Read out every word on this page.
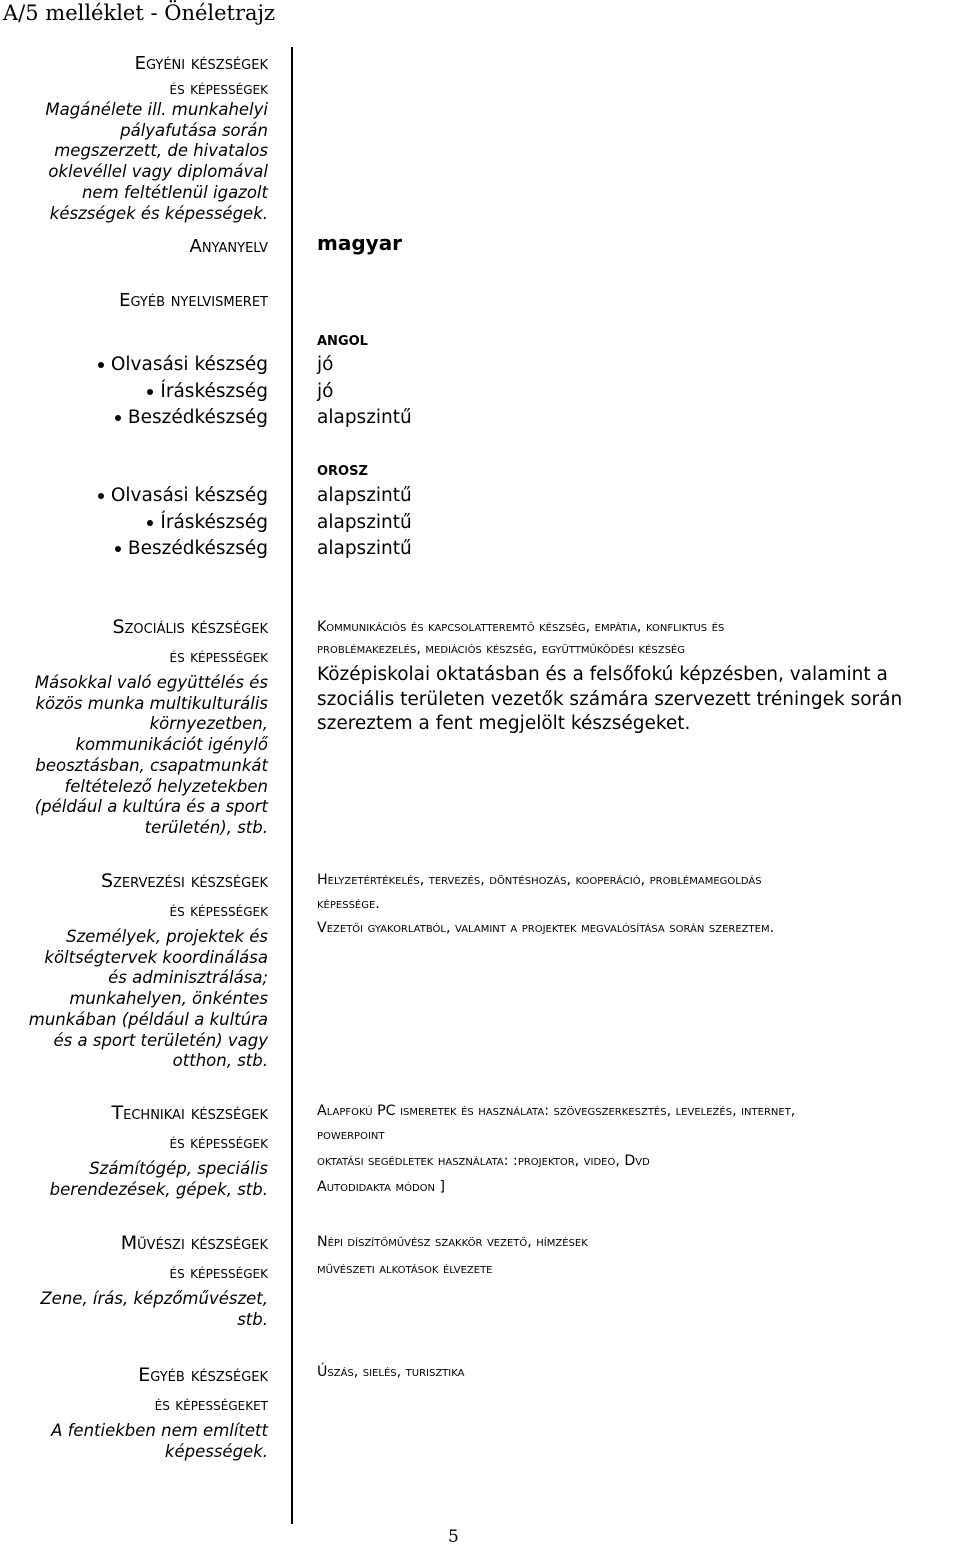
A/5 melléklet - Önéletrajz
Egyéni készségek
és képességek
Magánélete ill. munkahelyi
pályafutása során
megszerzett, de hivatalos
oklevéllel vagy diplomával
nem feltétlenül igazolt
készségek és képességek.
Anyanyelv magyar
Egyéb nyelvismeret
ANGOL
Olvasási készség
Íráskészség
Beszédkészség
jó
jó
alapszintű
OROSZ
Olvasási készség
Íráskészség
Beszédkészség
alapszintű
alapszintű
alapszintű
Szociális készségek
és képességek
Másokkal való együttélés és
közös munka multikulturális
környezetben,
kommunikációt igénylő
beosztásban, csapatmunkát
feltételező helyzetekben
(például a kultúra és a sport
területén), stb.
Kommunikációs és kapcsolatteremtő készség, empátia, konfliktus és
problémakezelés, mediációs készség, együttműködési készség
Középiskolai oktatásban és a felsőfokú képzésben, valamint a
szociális területen vezetők számára szervezett tréningek során
szereztem a fent megjelölt készségeket.
Szervezési készségek
és képességek
Személyek, projektek és
költségtervek koordinálása
és adminisztrálása;
munkahelyen, önkéntes
munkában (például a kultúra
és a sport területén) vagy
otthon, stb.
Helyzetértékelés, tervezés, döntéshozás, kooperáció, problémamegoldás
képessége.
Vezetői gyakorlatból, valamint a projektek megvalósítása során szereztem.
Technikai készségek
és képességek
Számítógép, speciális
berendezések, gépek, stb.
Alapfokú PC ismeretek és használata: szövegszerkesztés, levelezés, internet,
powerpoint
oktatási segédletek használata: :projektor, video, Dvd
Autodidakta módon ]
Művészi készségek
és képességek
Zene, írás, képzőművészet,
stb.
Népi díszítőművész szakkör vezető, hímzések
művészeti alkotások élvezete
Egyéb készségek
és képességeket
A fentiekben nem említett
képességek.
Úszás, sielés, turisztika
5
